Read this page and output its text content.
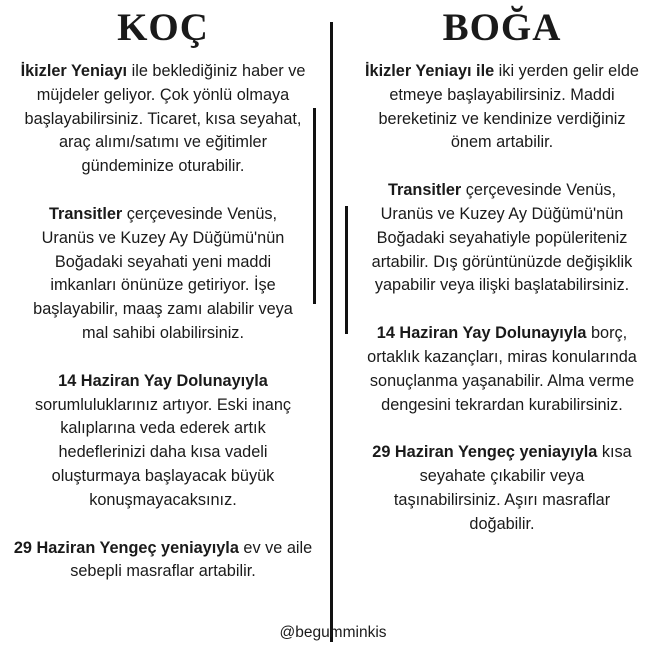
KOÇ

İkizler Yeniayı ile beklediğiniz haber ve müjdeler geliyor. Çok yönlü olmaya başlayabilirsiniz. Ticaret, kısa seyahat, araç alımı/satımı ve eğitimler gündeminize oturabilir.

Transitler çerçevesinde Venüs, Uranüs ve Kuzey Ay Düğümü'nün Boğadaki seyahati yeni maddi imkanları önünüze getiriyor. İşe başlayabilir, maaş zamı alabilir veya mal sahibi olabilirsiniz.

14 Haziran Yay Dolunayıyla sorumluluklarınız artıyor. Eski inanç kalıplarına veda ederek artık hedeflerinizi daha kısa vadeli oluşturmaya başlayacak büyük konuşmayacaksınız.

29 Haziran Yengeç yeniayıyla ev ve aile sebepli masraflar artabilir.

BOĞA

İkizler Yeniayı ile iki yerden gelir elde etmeye başlayabilirsiniz. Maddi bereketiniz ve kendinize verdiğiniz önem artabilir.

Transitler çerçevesinde Venüs, Uranüs ve Kuzey Ay Düğümü'nün Boğadaki seyahatiyle popüleriteniz artabilir. Dış görüntünüzde değişiklik yapabilir veya ilişki başlatabilirsiniz.

14 Haziran Yay Dolunayıyla borç, ortaklık kazançları, miras konularında sonuçlanma yaşanabilir. Alma verme dengesini tekrardan kurabilirsiniz.

29 Haziran Yengeç yeniayıyla kısa seyahate çıkabilir veya taşınabilirsiniz. Aşırı masraflar doğabilir.

@begumminkis
